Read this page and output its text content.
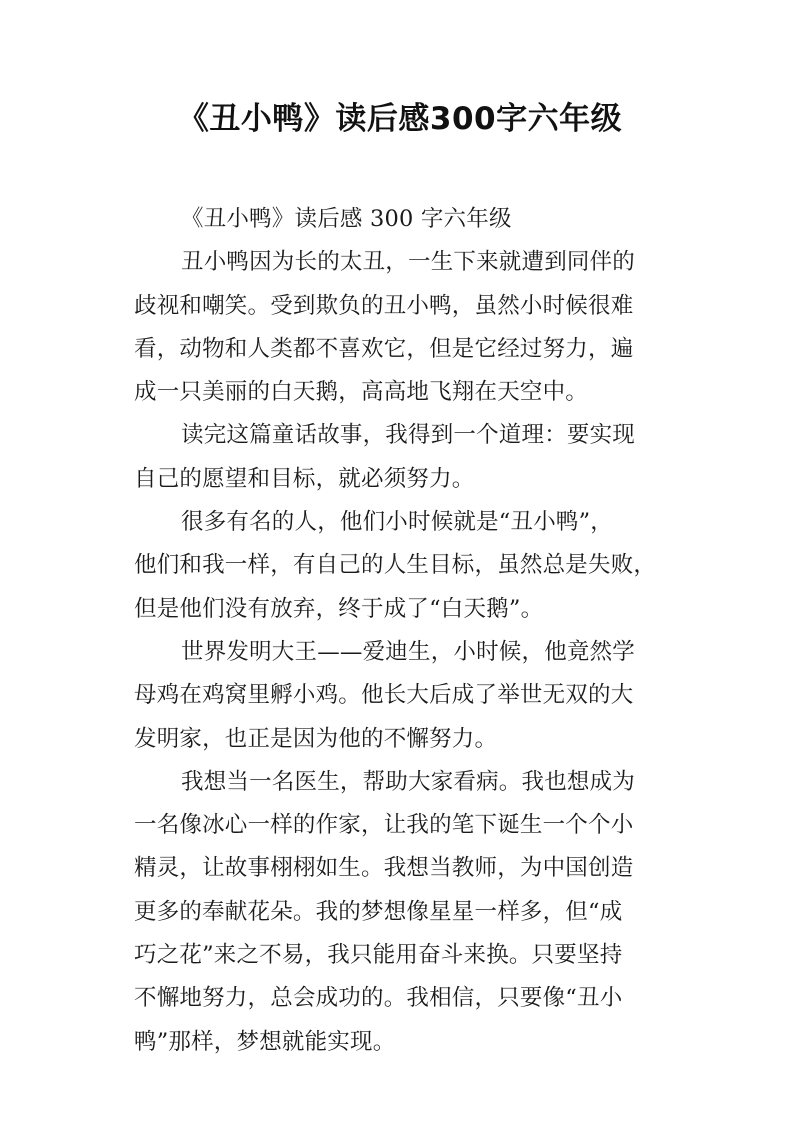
《丑小鸭》读后感300字六年级
《丑小鸭》读后感 300 字六年级
丑小鸭因为长的太丑，一生下来就遭到同伴的
歧视和嘲笑。受到欺负的丑小鸭，虽然小时候很难
看，动物和人类都不喜欢它，但是它经过努力，遍
成一只美丽的白天鹅，高高地飞翔在天空中。
读完这篇童话故事，我得到一个道理：要实现
自己的愿望和目标，就必须努力。
很多有名的人，他们小时候就是“丑小鸭”，
他们和我一样，有自己的人生目标，虽然总是失败，
但是他们没有放弃，终于成了“白天鹅”。
世界发明大王——爱迪生，小时候，他竟然学
母鸡在鸡窝里孵小鸡。他长大后成了举世无双的大
发明家，也正是因为他的不懈努力。
我想当一名医生，帮助大家看病。我也想成为
一名像冰心一样的作家，让我的笔下诞生一个个小
精灵，让故事栩栩如生。我想当教师，为中国创造
更多的奉献花朵。我的梦想像星星一样多，但“成
巧之花”来之不易，我只能用奋斗来换。只要坚持
不懈地努力，总会成功的。我相信，只要像“丑小
鸭”那样，梦想就能实现。
